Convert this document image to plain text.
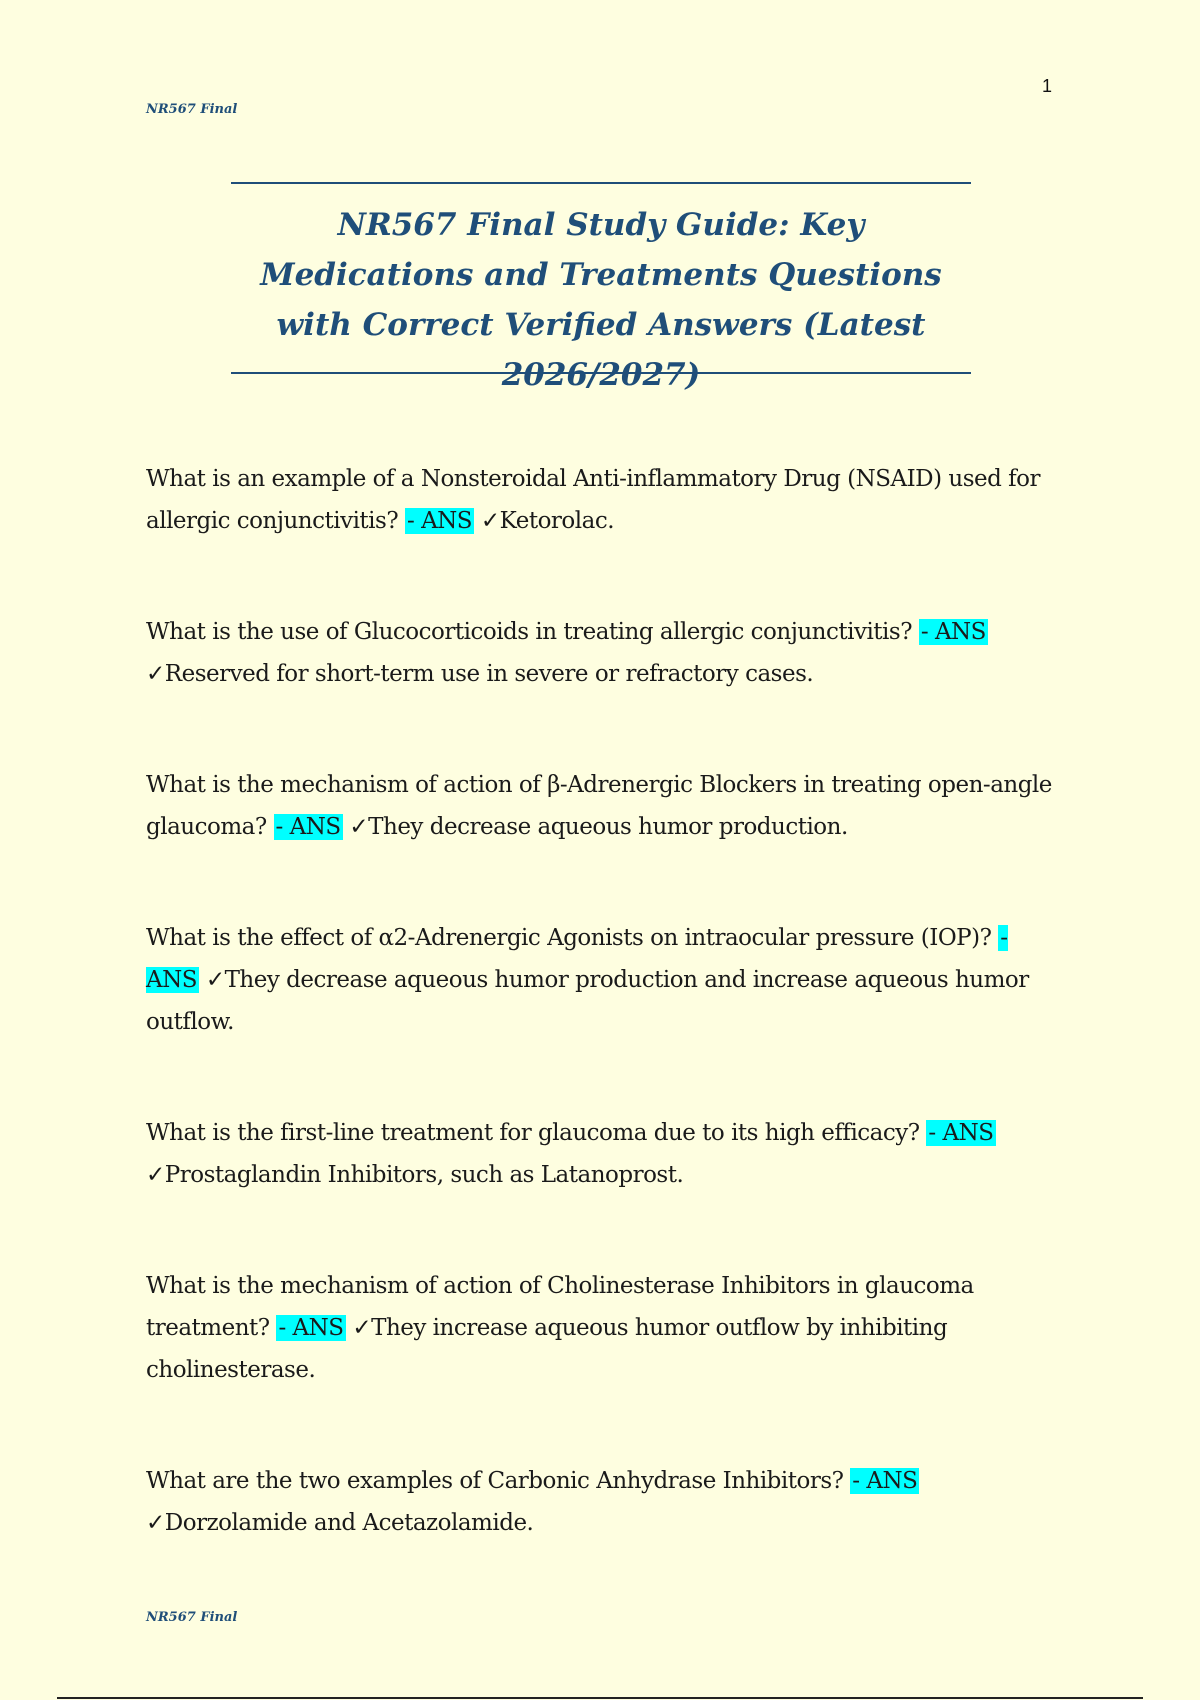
NR567 Final
1
NR567 Final Study Guide: Key Medications and Treatments Questions with Correct Verified Answers (Latest 2026/2027)
What is an example of a Nonsteroidal Anti-inflammatory Drug (NSAID) used for allergic conjunctivitis? - ANS ✓Ketorolac.
What is the use of Glucocorticoids in treating allergic conjunctivitis? - ANS ✓Reserved for short-term use in severe or refractory cases.
What is the mechanism of action of β-Adrenergic Blockers in treating open-angle glaucoma? - ANS ✓They decrease aqueous humor production.
What is the effect of α2-Adrenergic Agonists on intraocular pressure (IOP)? - ANS ✓They decrease aqueous humor production and increase aqueous humor outflow.
What is the first-line treatment for glaucoma due to its high efficacy? - ANS ✓Prostaglandin Inhibitors, such as Latanoprost.
What is the mechanism of action of Cholinesterase Inhibitors in glaucoma treatment? - ANS ✓They increase aqueous humor outflow by inhibiting cholinesterase.
What are the two examples of Carbonic Anhydrase Inhibitors? - ANS ✓Dorzolamide and Acetazolamide.
NR567 Final
